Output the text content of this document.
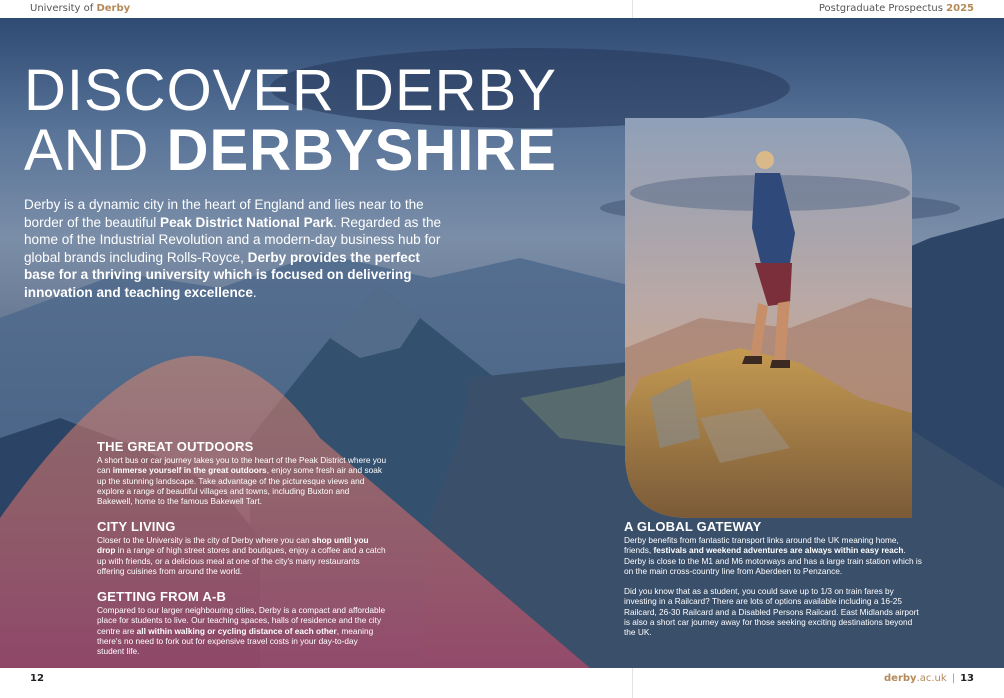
University of Derby	Postgraduate Prospectus 2025
DISCOVER DERBY
AND DERBYSHIRE
Derby is a dynamic city in the heart of England and lies near to the border of the beautiful Peak District National Park. Regarded as the home of the Industrial Revolution and a modern-day business hub for global brands including Rolls-Royce, Derby provides the perfect base for a thriving university which is focused on delivering innovation and teaching excellence.
THE GREAT OUTDOORS

A short bus or car journey takes you to the heart of the Peak District where you can immerse yourself in the great outdoors, enjoy some fresh air and soak up the stunning landscape. Take advantage of the picturesque views and explore a range of beautiful villages and towns, including Buxton and Bakewell, home to the famous Bakewell Tart.

CITY LIVING

Closer to the University is the city of Derby where you can shop until you drop in a range of high street stores and boutiques, enjoy a coffee and a catch up with friends, or a delicious meal at one of the city's many restaurants offering cuisines from around the world.

GETTING FROM A-B

Compared to our larger neighbouring cities, Derby is a compact and affordable place for students to live. Our teaching spaces, halls of residence and the city centre are all within walking or cycling distance of each other, meaning there's no need to fork out for expensive travel costs in your day-to-day student life.

A GLOBAL GATEWAY

Derby benefits from fantastic transport links around the UK meaning home, friends, festivals and weekend adventures are always within easy reach. Derby is close to the M1 and M6 motorways and has a large train station which is on the main cross-country line from Aberdeen to Penzance.

Did you know that as a student, you could save up to 1/3 on train fares by investing in a Railcard? There are lots of options available including a 16-25 Railcard, 26-30 Railcard and a Disabled Persons Railcard. East Midlands airport is also a short car journey away for those seeking exciting destinations beyond the UK.

12	derby.ac.uk | 13
